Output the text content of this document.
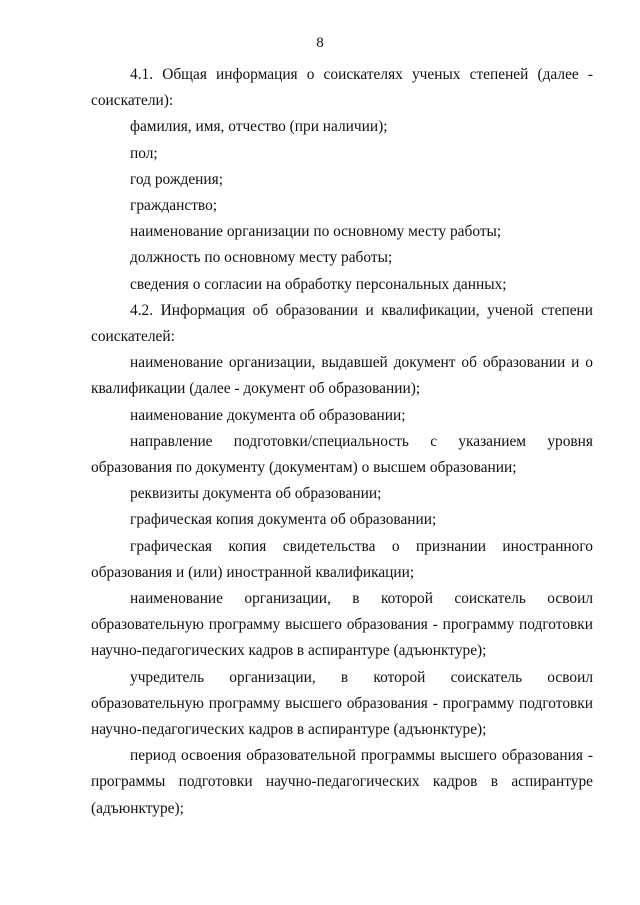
8

4.1. Общая информация о соискателях ученых степеней (далее - соискатели):

фамилия, имя, отчество (при наличии);

пол;

год рождения;

гражданство;

наименование организации по основному месту работы;

должность по основному месту работы;

сведения о согласии на обработку персональных данных;

4.2. Информация об образовании и квалификации, ученой степени соискателей:

наименование организации, выдавшей документ об образовании и о квалификации (далее - документ об образовании);

наименование документа об образовании;

направление подготовки/специальность с указанием уровня образования по документу (документам) о высшем образовании;

реквизиты документа об образовании;

графическая копия документа об образовании;

графическая копия свидетельства о признании иностранного образования и (или) иностранной квалификации;

наименование организации, в которой соискатель освоил образовательную программу высшего образования - программу подготовки научно-педагогических кадров в аспирантуре (адъюнктуре);

учредитель организации, в которой соискатель освоил образовательную программу высшего образования - программу подготовки научно-педагогических кадров в аспирантуре (адъюнктуре);

период освоения образовательной программы высшего образования - программы подготовки научно-педагогических кадров в аспирантуре (адъюнктуре);
